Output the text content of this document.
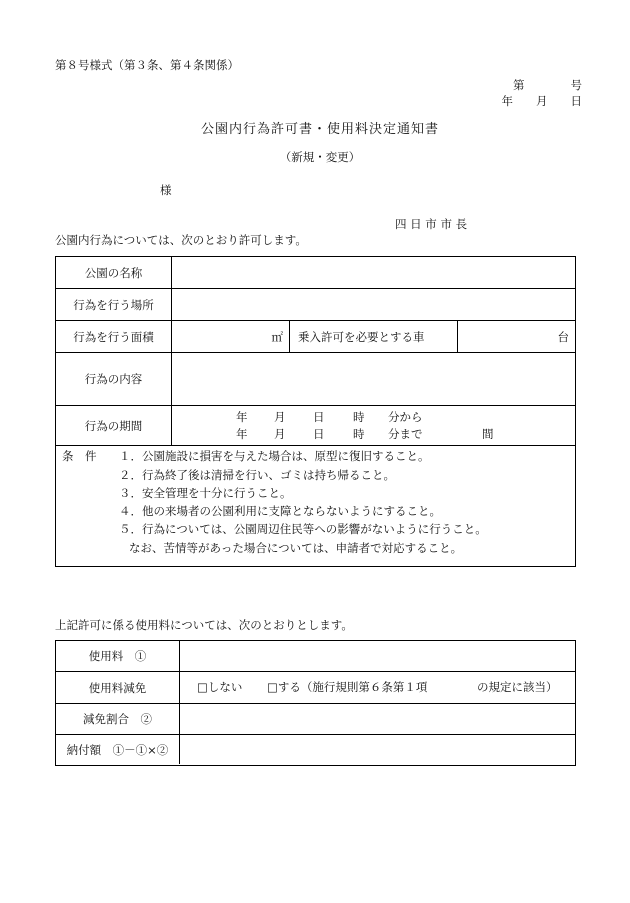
第８号様式（第３条、第４条関係）
第　　　　号
年　　月　　日
公園内行為許可書・使用料決定通知書
（新規・変更）
様
四 日 市 市 長
公園内行為については、次のとおり許可します。
公園の名称
行為を行う場所
行為を行う面積	㎡	乗入許可を必要とする車	台
行為の内容
行為の期間
年 月 日 時 分から
年 月 日 時 分まで	間
条　件 １．公園施設に損害を与えた場合は、原型に復旧すること。
２．行為終了後は清掃を行い、ゴミは持ち帰ること。
３．安全管理を十分に行うこと。
４．他の来場者の公園利用に支障とならないようにすること。
５．行為については、公園周辺住民等への影響がないように行うこと。
なお、苦情等があった場合については、申請者で対応すること。
上記許可に係る使用料については、次のとおりとします。
使用料　①
使用料減免	□しない □する（施行規則第６条第１項	の規定に該当）
減免割合　②
納付額　①－①×②
